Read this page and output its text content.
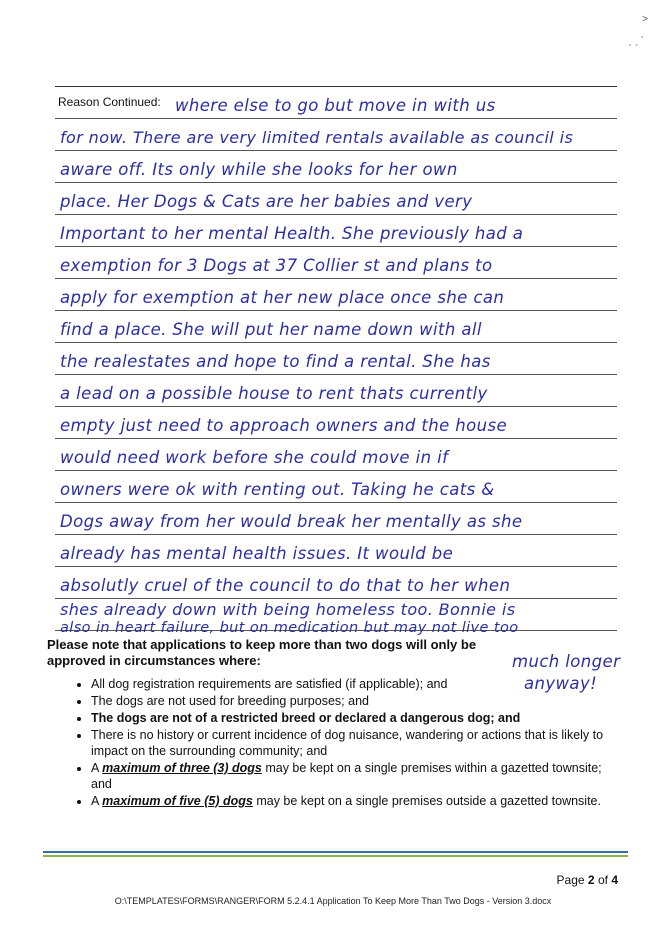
˃
ˎ ˏ `
Reason Continued: where else to go but move in with us
for now. There are very limited rentals available as council is
aware off. Its only while she looks for her own
place. Her Dogs & Cats are her babies and very
Important to her mental Health. She previously had a
exemption for 3 Dogs at 37 Collier st and plans to
apply for exemption at her new place once she can
find a place. She will put her name down with all
the realestates and hope to find a rental. She has
a lead on a possible house to rent thats currently
empty just need to approach owners and the house
would need work before she could move in if
owners were ok with renting out. Taking he cats &
Dogs away from her would break her mentally as she
already has mental health issues. It would be
absolutly cruel of the council to do that to her when
shes already down with being homeless too. Bonnie is
also in heart failure, but on medication but may not live too
much longer
anyway!
Please note that applications to keep more than two dogs will only be approved in circumstances where:
• All dog registration requirements are satisfied (if applicable); and
• The dogs are not used for breeding purposes; and
• The dogs are not of a restricted breed or declared a dangerous dog; and
• There is no history or current incidence of dog nuisance, wandering or actions that is likely to impact on the surrounding community; and
• A maximum of three (3) dogs may be kept on a single premises within a gazetted townsite; and
• A maximum of five (5) dogs may be kept on a single premises outside a gazetted townsite.
Page 2 of 4
O:\TEMPLATES\FORMS\RANGER\FORM 5.2.4.1 Application To Keep More Than Two Dogs - Version 3.docx
